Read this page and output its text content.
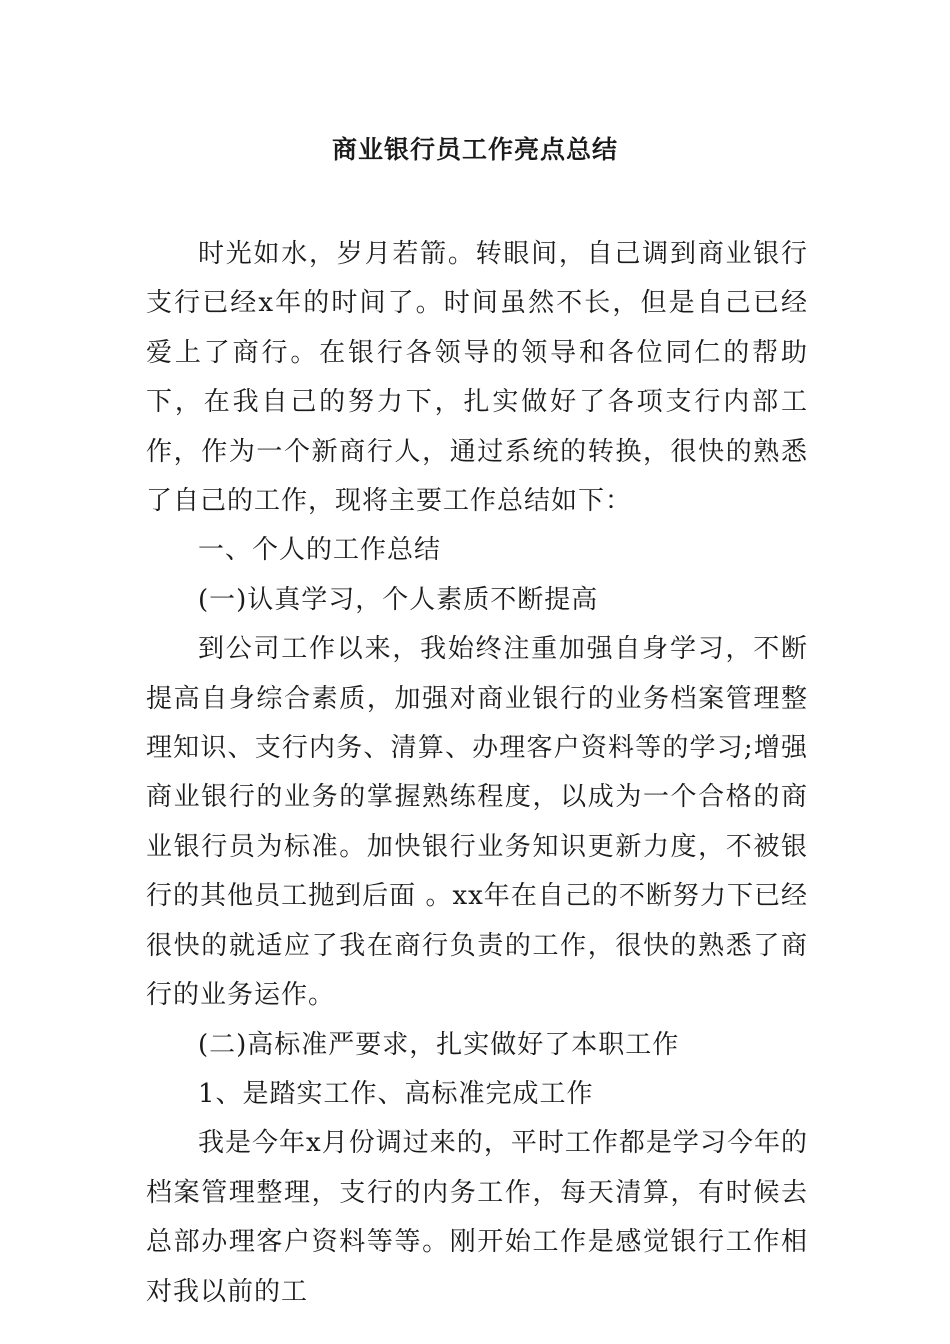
商业银行员工作亮点总结

时光如水，岁月若箭。转眼间，自己调到商业银行支行已经x年的时间了。时间虽然不长，但是自己已经爱上了商行。在银行各领导的领导和各位同仁的帮助下，在我自己的努力下，扎实做好了各项支行内部工作，作为一个新商行人，通过系统的转换，很快的熟悉了自己的工作，现将主要工作总结如下：

一、个人的工作总结

(一)认真学习，个人素质不断提高

到公司工作以来，我始终注重加强自身学习，不断提高自身综合素质，加强对商业银行的业务档案管理整理知识、支行内务、清算、办理客户资料等的学习;增强商业银行的业务的掌握熟练程度，以成为一个合格的商业银行员为标准。加快银行业务知识更新力度，不被银行的其他员工抛到后面 。xx年在自己的不断努力下已经很快的就适应了我在商行负责的工作，很快的熟悉了商行的业务运作。

(二)高标准严要求，扎实做好了本职工作

1、是踏实工作、高标准完成工作

我是今年x月份调过来的，平时工作都是学习今年的档案管理整理，支行的内务工作，每天清算，有时候去总部办理客户资料等等。刚开始工作是感觉银行工作相对我以前的工
